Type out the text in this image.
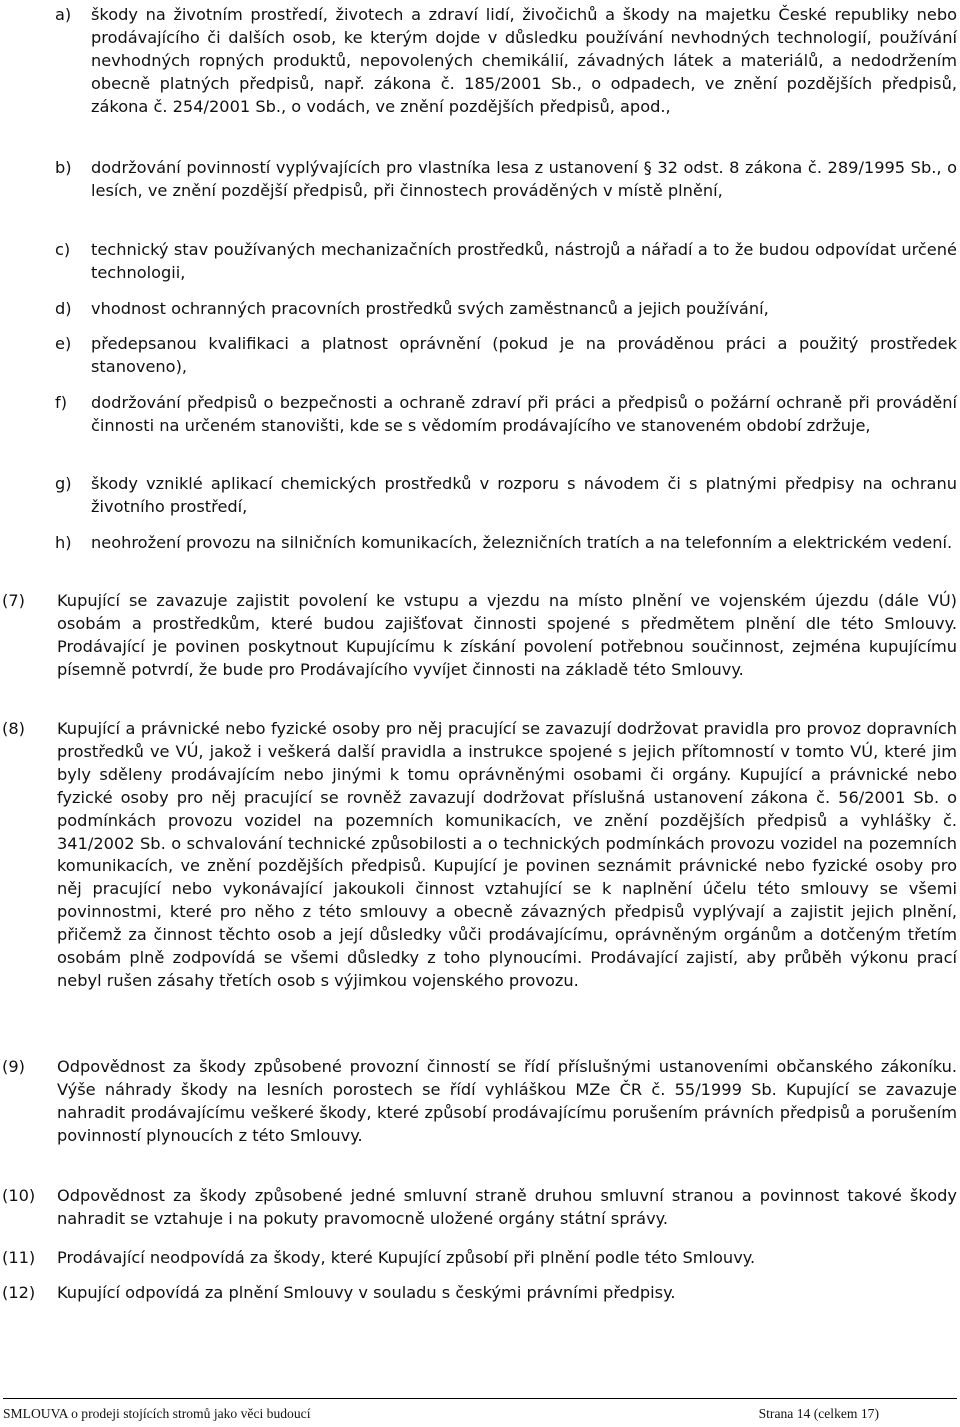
a) škody na životním prostředí, životech a zdraví lidí, živočichů a škody na majetku České republiky nebo prodávajícího či dalších osob, ke kterým dojde v důsledku používání nevhodných technologií, používání nevhodných ropných produktů, nepovolených chemikálií, závadných látek a materiálů, a nedodržením obecně platných předpisů, např. zákona č. 185/2001 Sb., o odpadech, ve znění pozdějších předpisů, zákona č. 254/2001 Sb., o vodách, ve znění pozdějších předpisů, apod.,
b) dodržování povinností vyplývajících pro vlastníka lesa z ustanovení § 32 odst. 8 zákona č. 289/1995 Sb., o lesích, ve znění pozdější předpisů, při činnostech prováděných v místě plnění,
c) technický stav používaných mechanizačních prostředků, nástrojů a nářadí a to že budou odpovídat určené technologii,
d) vhodnost ochranných pracovních prostředků svých zaměstnanců a jejich používání,
e) předepsanou kvalifikaci a platnost oprávnění (pokud je na prováděnou práci a použitý prostředek stanoveno),
f) dodržování předpisů o bezpečnosti a ochraně zdraví při práci a předpisů o požární ochraně při provádění činnosti na určeném stanovišti, kde se s vědomím prodávajícího ve stanoveném období zdržuje,
g) škody vzniklé aplikací chemických prostředků v rozporu s návodem či s platnými předpisy na ochranu životního prostředí,
h) neohrožení provozu na silničních komunikacích, železničních tratích a na telefonním a elektrickém vedení.
(7) Kupující se zavazuje zajistit povolení ke vstupu a vjezdu na místo plnění ve vojenském újezdu (dále VÚ) osobám a prostředkům, které budou zajišťovat činnosti spojené s předmětem plnění dle této Smlouvy. Prodávající je povinen poskytnout Kupujícímu k získání povolení potřebnou součinnost, zejména kupujícímu písemně potvrdí, že bude pro Prodávajícího vyvíjet činnosti na základě této Smlouvy.
(8) Kupující a právnické nebo fyzické osoby pro něj pracující se zavazují dodržovat pravidla pro provoz dopravních prostředků ve VÚ, jakož i veškerá další pravidla a instrukce spojené s jejich přítomností v tomto VÚ, které jim byly sděleny prodávajícím nebo jinými k tomu oprávněnými osobami či orgány. Kupující a právnické nebo fyzické osoby pro něj pracující se rovněž zavazují dodržovat příslušná ustanovení zákona č. 56/2001 Sb. o podmínkách provozu vozidel na pozemních komunikacích, ve znění pozdějších předpisů a vyhlášky č. 341/2002 Sb. o schvalování technické způsobilosti a o technických podmínkách provozu vozidel na pozemních komunikacích, ve znění pozdějších předpisů. Kupující je povinen seznámit právnické nebo fyzické osoby pro něj pracující nebo vykonávající jakoukoli činnost vztahující se k naplnění účelu této smlouvy se všemi povinnostmi, které pro něho z této smlouvy a obecně závazných předpisů vyplývají a zajistit jejich plnění, přičemž za činnost těchto osob a její důsledky vůči prodávajícímu, oprávněným orgánům a dotčeným třetím osobám plně zodpovídá se všemi důsledky z toho plynoucími. Prodávající zajistí, aby průběh výkonu prací nebyl rušen zásahy třetích osob s výjimkou vojenského provozu.
(9) Odpovědnost za škody způsobené provozní činností se řídí příslušnými ustanoveními občanského zákoníku. Výše náhrady škody na lesních porostech se řídí vyhláškou MZe ČR č. 55/1999 Sb. Kupující se zavazuje nahradit prodávajícímu veškeré škody, které způsobí prodávajícímu porušením právních předpisů a porušením povinností plynoucích z této Smlouvy.
(10) Odpovědnost za škody způsobené jedné smluvní straně druhou smluvní stranou a povinnost takové škody nahradit se vztahuje i na pokuty pravomocně uložené orgány státní správy.
(11) Prodávající neodpovídá za škody, které Kupující způsobí při plnění podle této Smlouvy.
(12) Kupující odpovídá za plnění Smlouvy v souladu s českými právními předpisy.
SMLOUVA o prodeji stojících stromů jako věci budoucí	Strana 14 (celkem 17)
